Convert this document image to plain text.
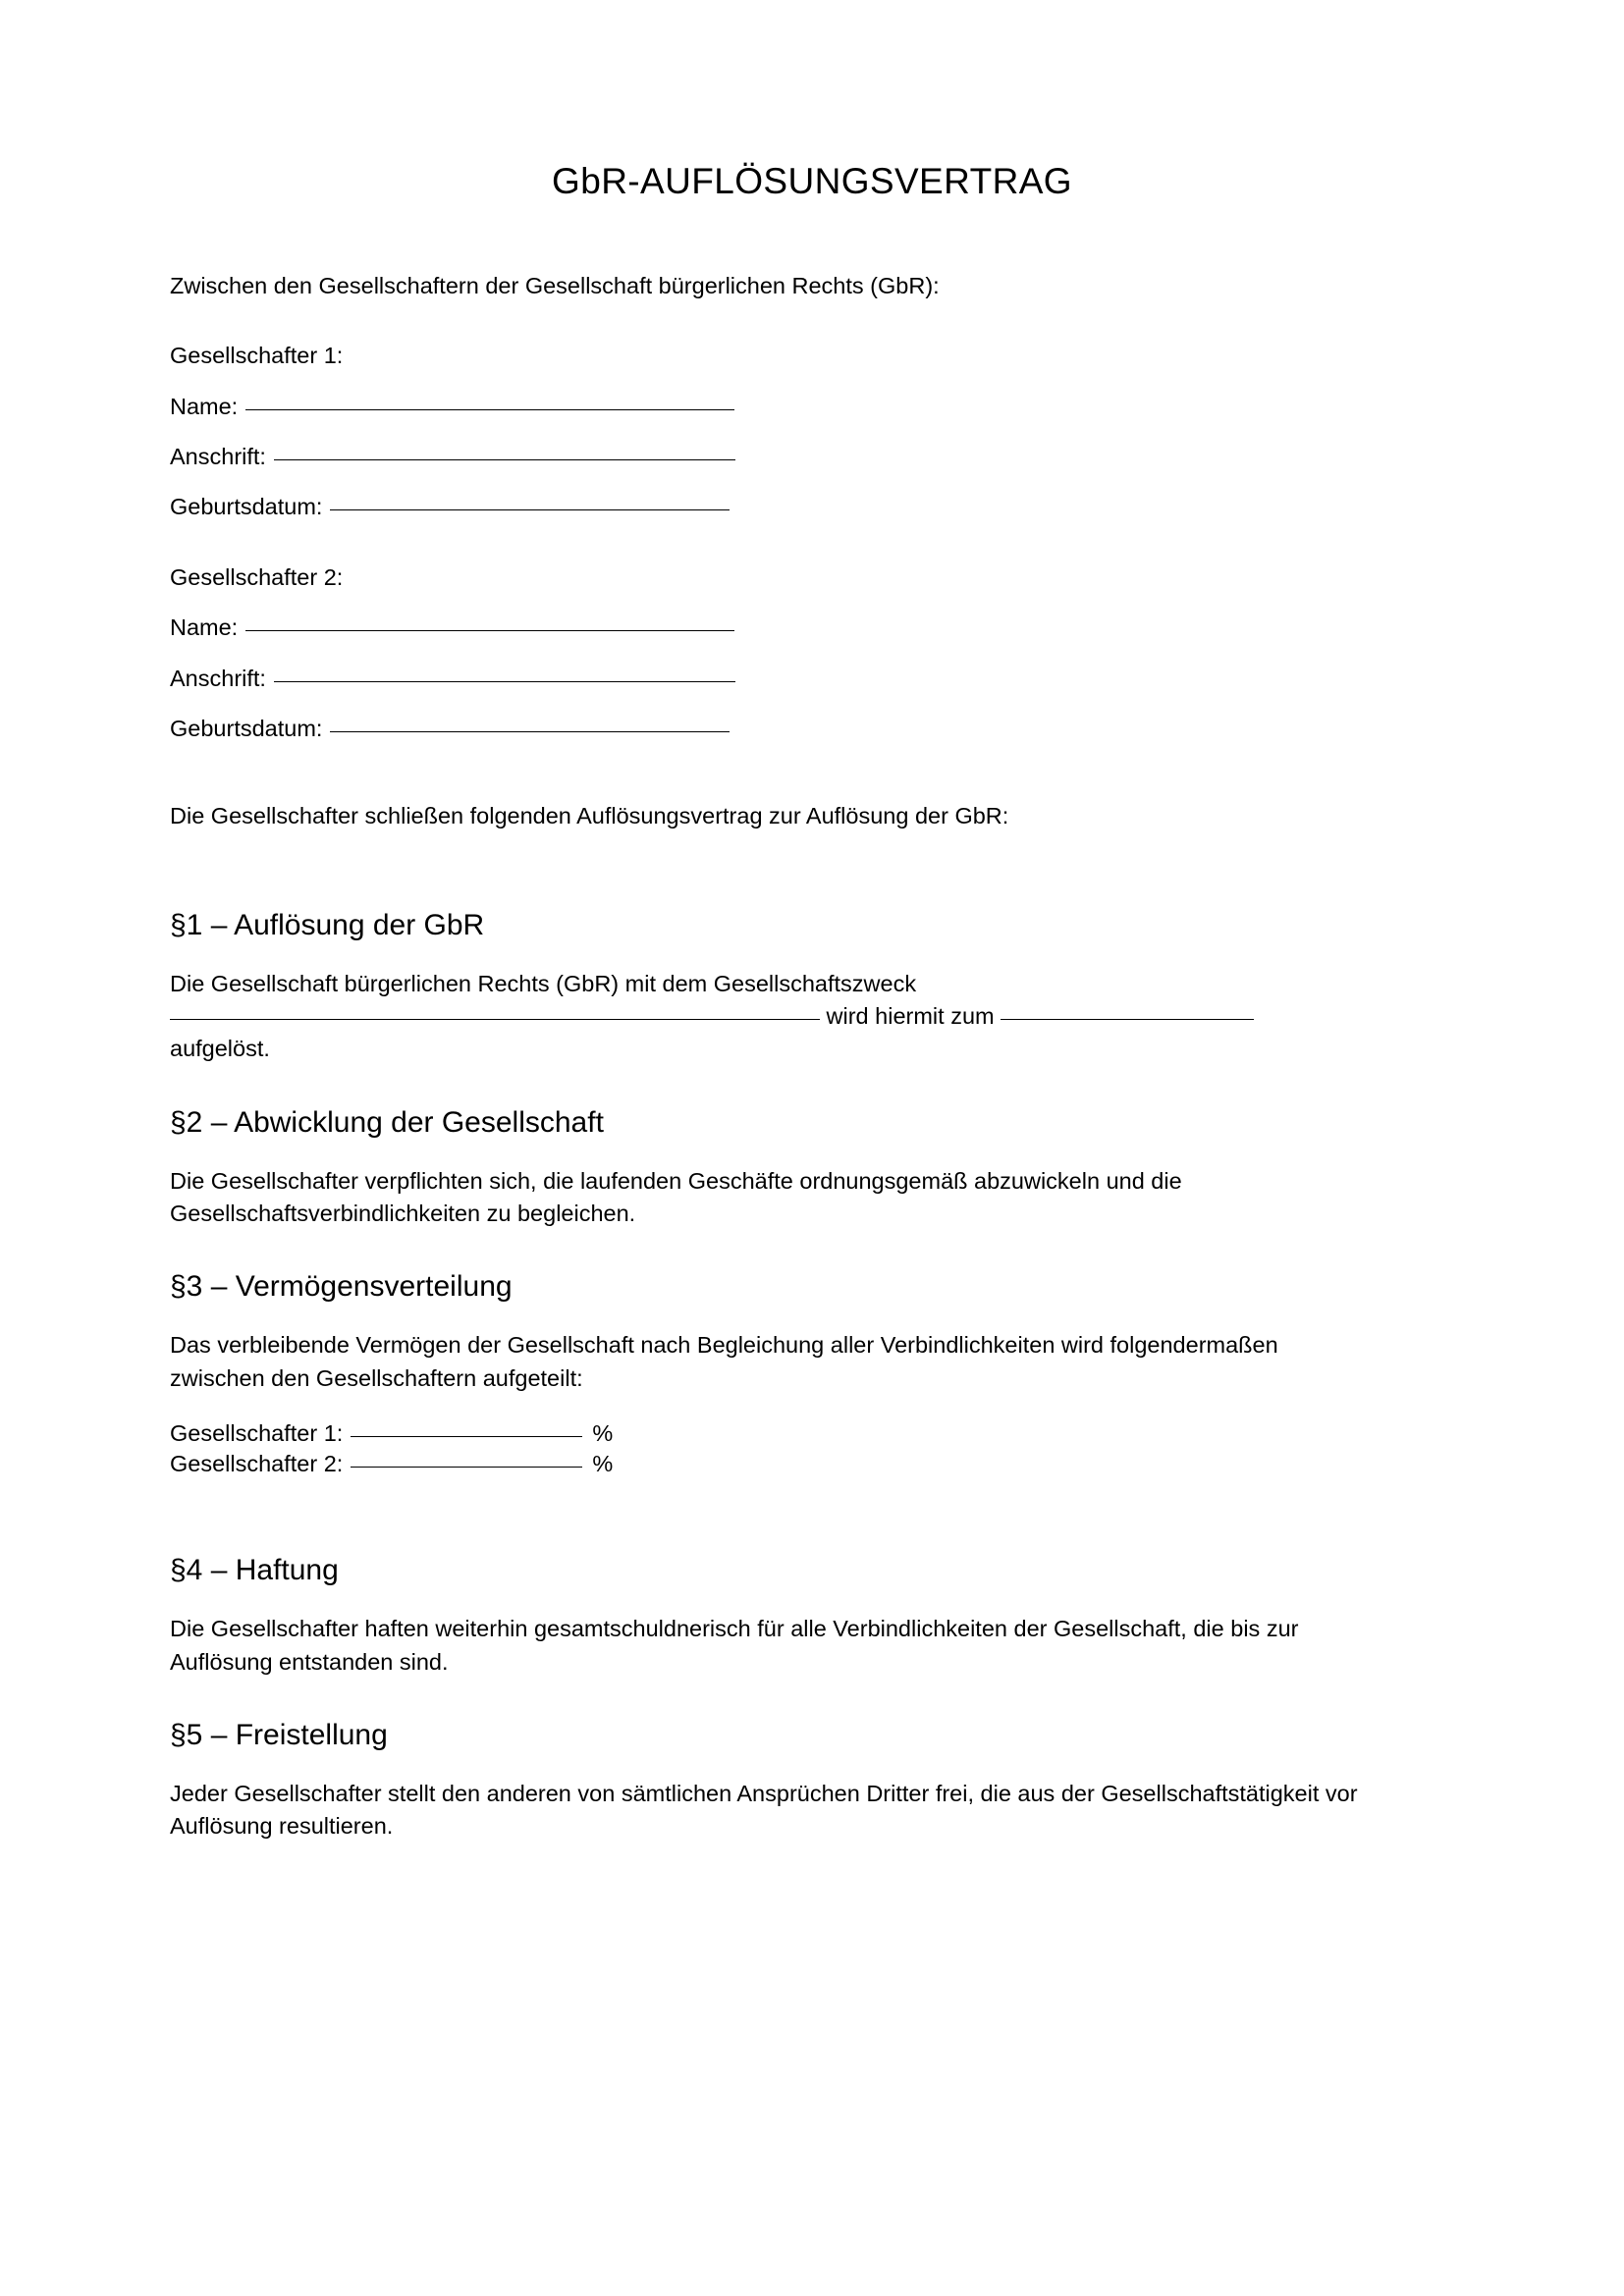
GbR-AUFLÖSUNGSVERTRAG

Zwischen den Gesellschaftern der Gesellschaft bürgerlichen Rechts (GbR):

Gesellschafter 1:

Name:

Anschrift:

Geburtsdatum:

Gesellschafter 2:

Name:

Anschrift:

Geburtsdatum:

Die Gesellschafter schließen folgenden Auflösungsvertrag zur Auflösung der GbR:

§1 – Auflösung der GbR

Die Gesellschaft bürgerlichen Rechts (GbR) mit dem Gesellschaftszweck
wird hiermit zum
aufgelöst.

§2 – Abwicklung der Gesellschaft

Die Gesellschafter verpflichten sich, die laufenden Geschäfte ordnungsgemäß abzuwickeln und die Gesellschaftsverbindlichkeiten zu begleichen.

§3 – Vermögensverteilung

Das verbleibende Vermögen der Gesellschaft nach Begleichung aller Verbindlichkeiten wird folgendermaßen zwischen den Gesellschaftern aufgeteilt:

Gesellschafter 1:	%

Gesellschafter 2:	%

§4 – Haftung

Die Gesellschafter haften weiterhin gesamtschuldnerisch für alle Verbindlichkeiten der Gesellschaft, die bis zur Auflösung entstanden sind.

§5 – Freistellung

Jeder Gesellschafter stellt den anderen von sämtlichen Ansprüchen Dritter frei, die aus der Gesellschaftstätigkeit vor Auflösung resultieren.
